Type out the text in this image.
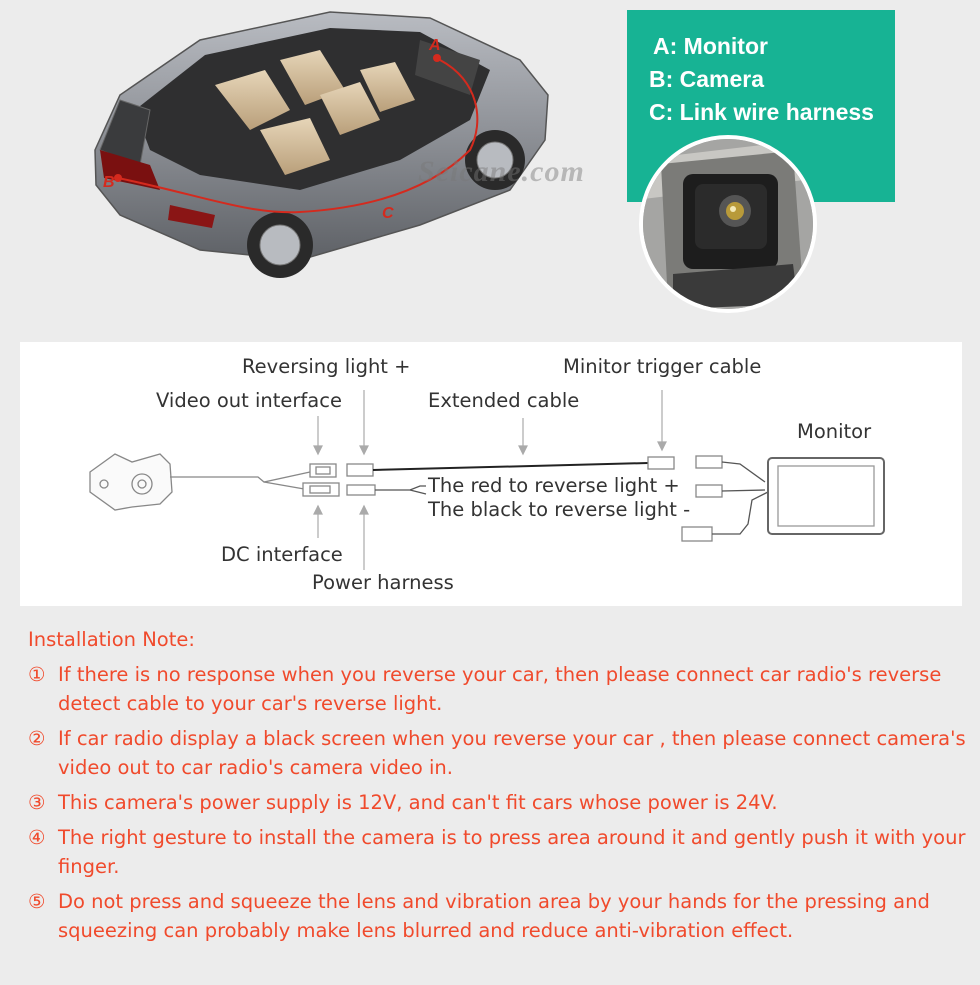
A
B
C
Seicane.com
A: Monitor
B: Camera
C: Link wire harness
Reversing light +	Minitor trigger cable
Video out interface	Extended cable
Monitor
The red to reverse light +
The black to reverse light -
DC interface
Power harness
Installation Note:
① If there is no response when you reverse your car, then please connect car radio's reverse detect cable to your car's reverse light.
② If car radio display a black screen when you reverse your car , then please connect camera's video out to car radio's camera video in.
③ This camera's power supply is 12V, and can't fit cars whose power is 24V.
④ The right gesture to install the camera is to press area around it and gently push it with your finger.
⑤ Do not press and squeeze the lens and vibration area by your hands for the pressing and squeezing can probably make lens blurred and reduce anti-vibration effect.
